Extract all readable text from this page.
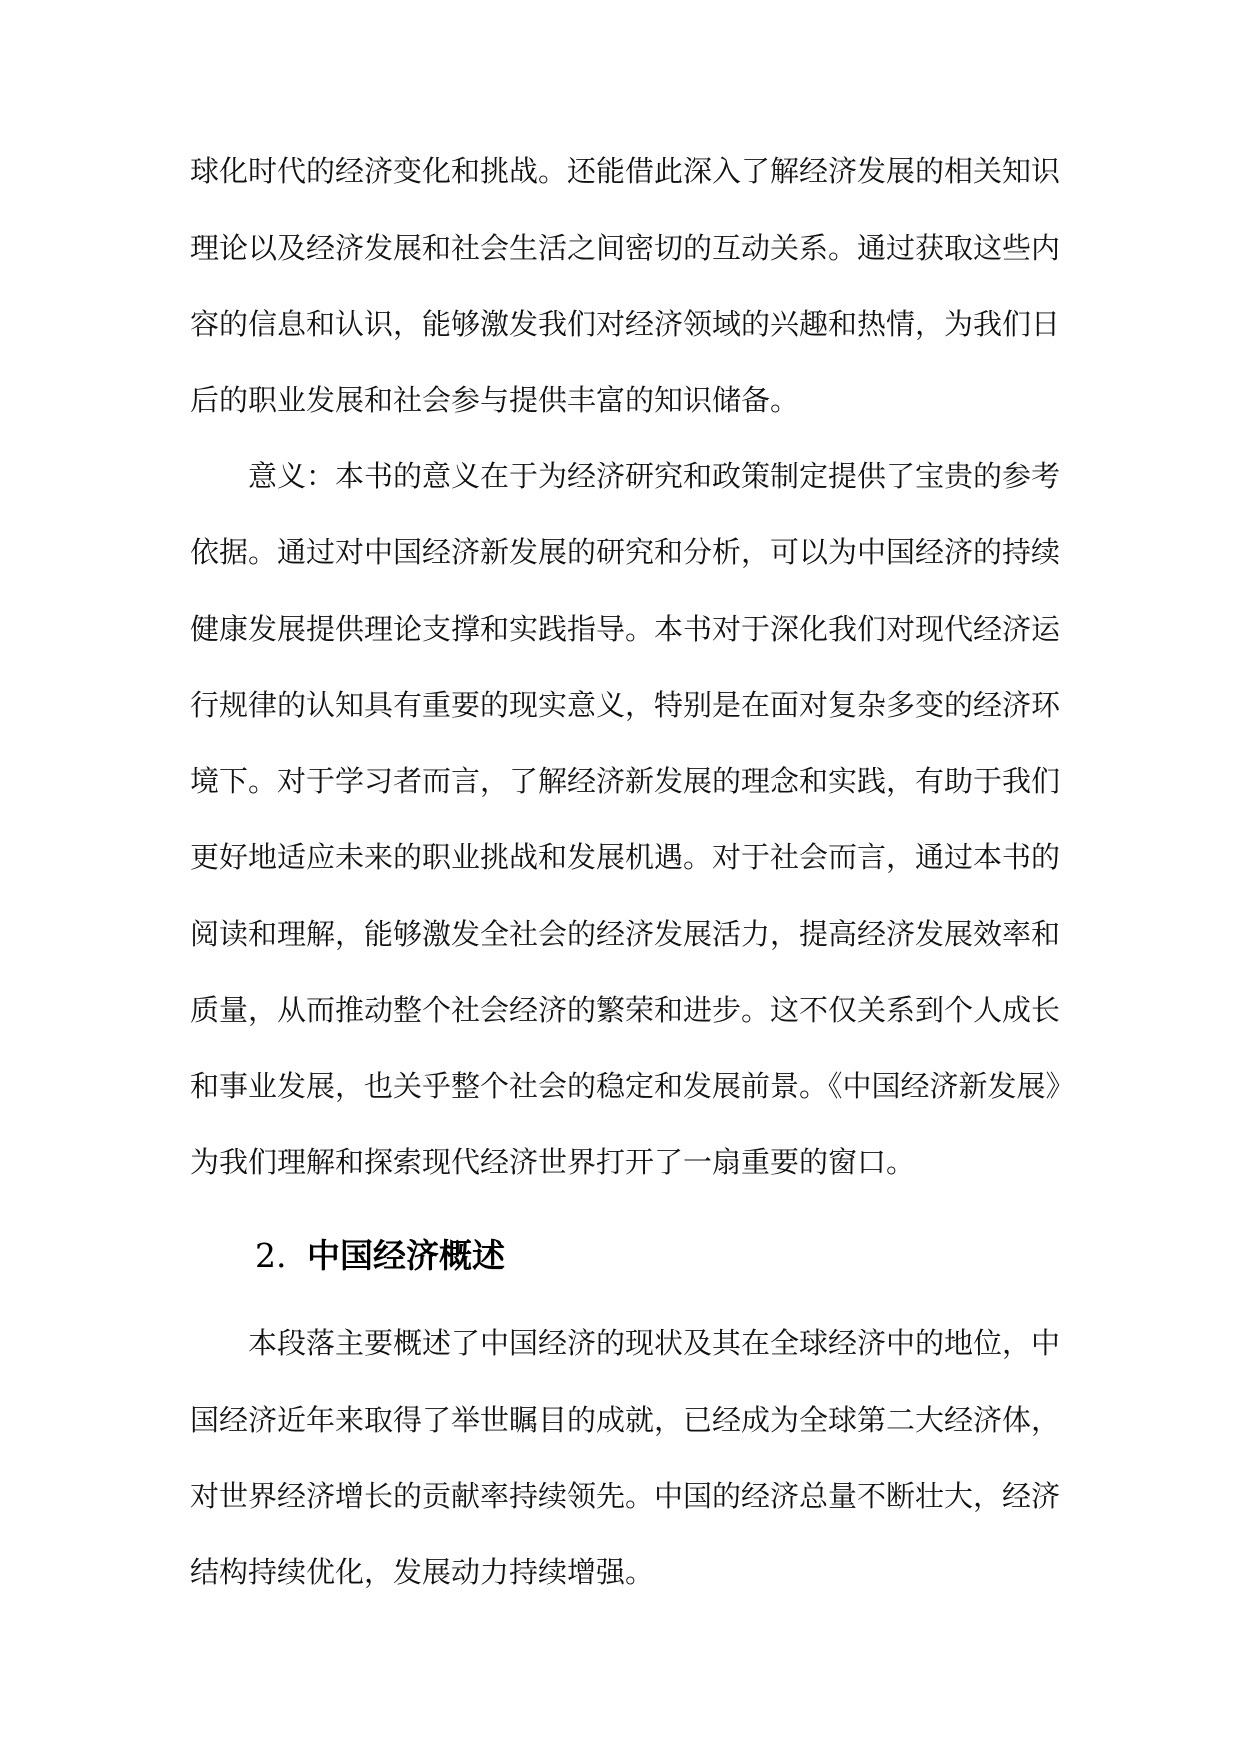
球化时代的经济变化和挑战。还能借此深入了解经济发展的相关知识
理论以及经济发展和社会生活之间密切的互动关系。通过获取这些内
容的信息和认识，能够激发我们对经济领域的兴趣和热情，为我们日
后的职业发展和社会参与提供丰富的知识储备。
意义：本书的意义在于为经济研究和政策制定提供了宝贵的参考
依据。通过对中国经济新发展的研究和分析，可以为中国经济的持续
健康发展提供理论支撑和实践指导。本书对于深化我们对现代经济运
行规律的认知具有重要的现实意义，特别是在面对复杂多变的经济环
境下。对于学习者而言，了解经济新发展的理念和实践，有助于我们
更好地适应未来的职业挑战和发展机遇。对于社会而言，通过本书的
阅读和理解，能够激发全社会的经济发展活力，提高经济发展效率和
质量，从而推动整个社会经济的繁荣和进步。这不仅关系到个人成长
和事业发展，也关乎整个社会的稳定和发展前景。《中国经济新发展》
为我们理解和探索现代经济世界打开了一扇重要的窗口。
2. 中国经济概述
本段落主要概述了中国经济的现状及其在全球经济中的地位，中
国经济近年来取得了举世瞩目的成就，已经成为全球第二大经济体，
对世界经济增长的贡献率持续领先。中国的经济总量不断壮大，经济
结构持续优化，发展动力持续增强。
